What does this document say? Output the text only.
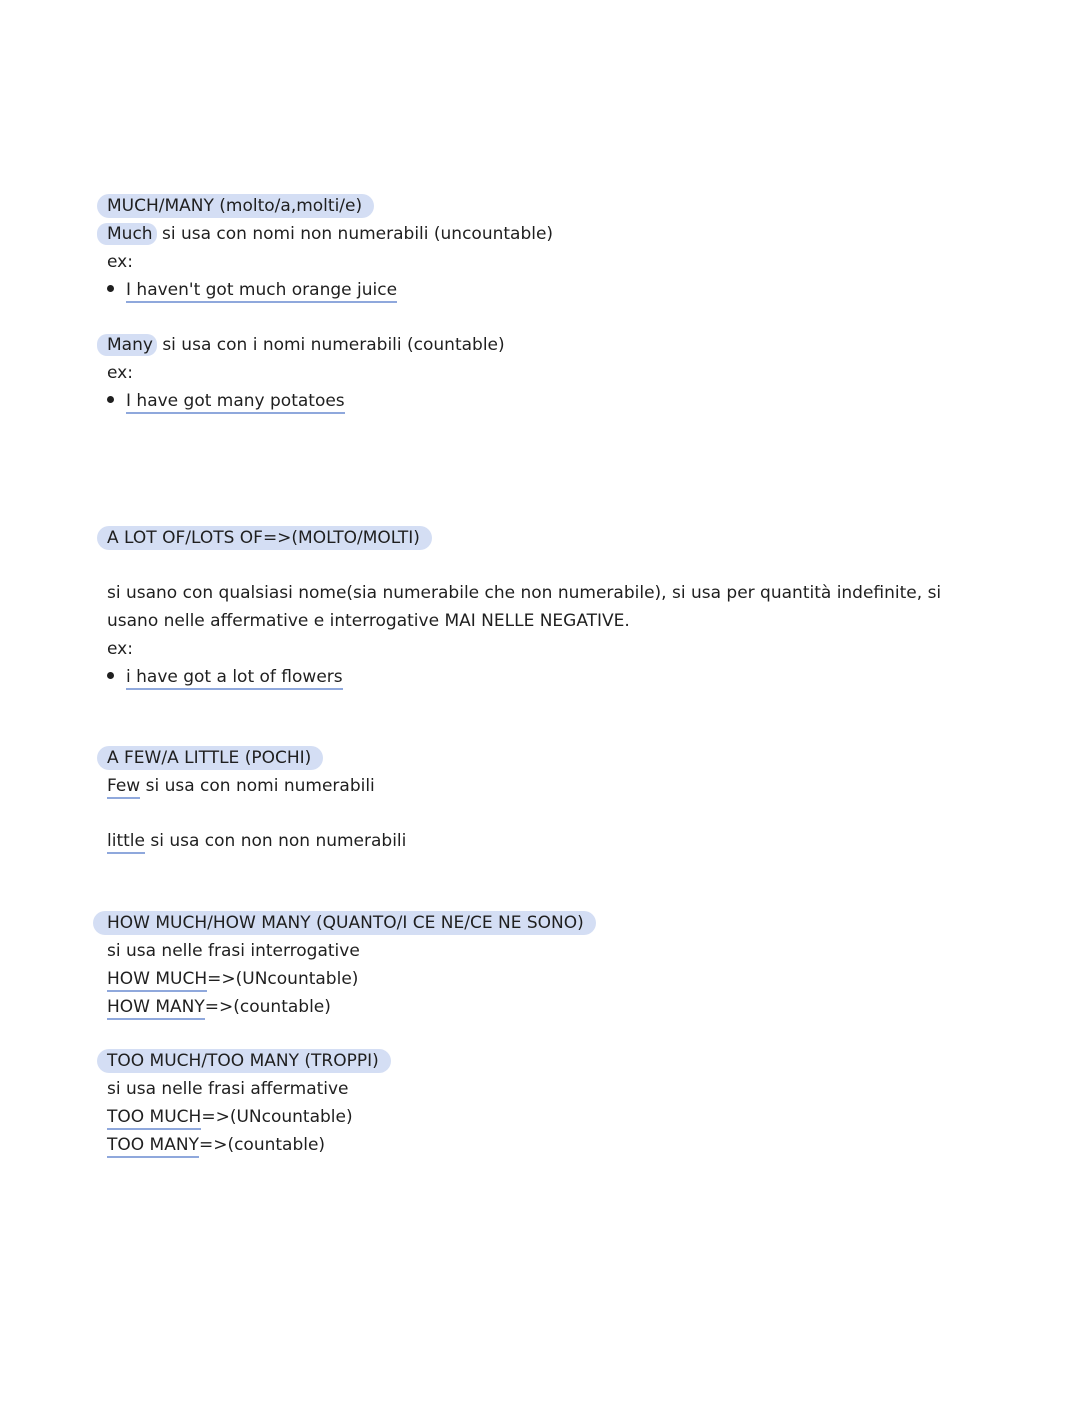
MUCH/MANY (molto/a,molti/e)
Much si usa con nomi non numerabili (uncountable)
ex:
I haven't got much orange juice
Many si usa con i nomi numerabili (countable)
ex:
I have got many potatoes
A LOT OF/LOTS OF=>(MOLTO/MOLTI)
si usano con qualsiasi nome(sia numerabile che non numerabile), si usa per quantità indefinite, si
usano nelle affermative e interrogative MAI NELLE NEGATIVE.
ex:
i have got a lot of flowers
A FEW/A LITTLE (POCHI)
Few si usa con nomi numerabili
little si usa con non non numerabili
HOW MUCH/HOW MANY (QUANTO/I CE NE/CE NE SONO)
si usa nelle frasi interrogative
HOW MUCH=>(UNcountable)
HOW MANY=>(countable)
TOO MUCH/TOO MANY (TROPPI)
si usa nelle frasi affermative
TOO MUCH=>(UNcountable)
TOO MANY=>(countable)
